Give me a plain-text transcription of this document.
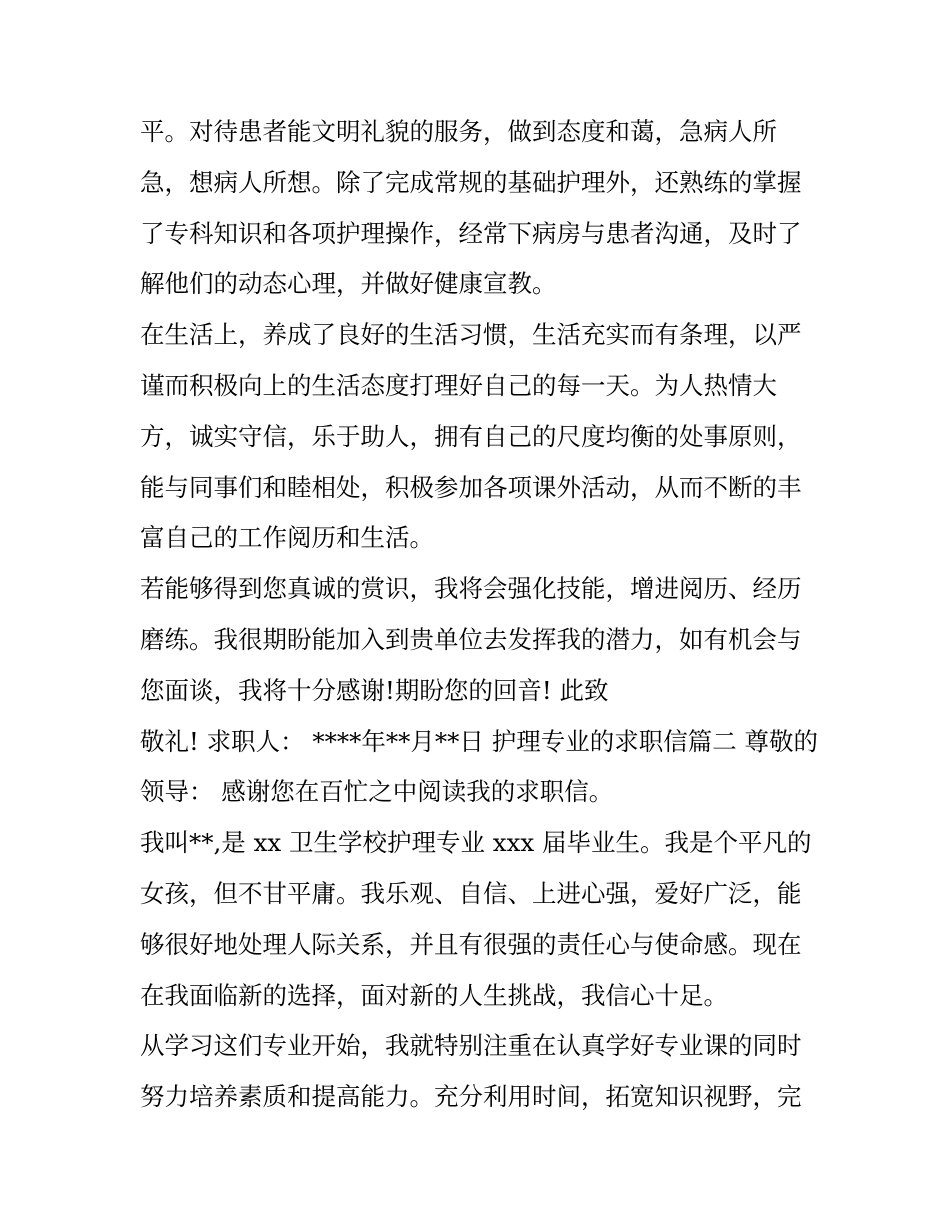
平。对待患者能文明礼貌的服务，做到态度和蔼，急病人所
急，想病人所想。除了完成常规的基础护理外，还熟练的掌握
了专科知识和各项护理操作，经常下病房与患者沟通，及时了
解他们的动态心理，并做好健康宣教。
在生活上，养成了良好的生活习惯，生活充实而有条理，以严
谨而积极向上的生活态度打理好自己的每一天。为人热情大
方，诚实守信，乐于助人，拥有自己的尺度均衡的处事原则，
能与同事们和睦相处，积极参加各项课外活动，从而不断的丰
富自己的工作阅历和生活。
若能够得到您真诚的赏识，我将会强化技能，增进阅历、经历
磨练。我很期盼能加入到贵单位去发挥我的潜力，如有机会与
您面谈，我将十分感谢!期盼您的回音! 此致
敬礼! 求职人： ****年**月**日 护理专业的求职信篇二 尊敬的
领导： 感谢您在百忙之中阅读我的求职信。
我叫**,是 xx 卫生学校护理专业 xxx 届毕业生。我是个平凡的
女孩，但不甘平庸。我乐观、自信、上进心强，爱好广泛，能
够很好地处理人际关系，并且有很强的责任心与使命感。现在
在我面临新的选择，面对新的人生挑战，我信心十足。
从学习这们专业开始，我就特别注重在认真学好专业课的同时
努力培养素质和提高能力。充分利用时间，拓宽知识视野，完
